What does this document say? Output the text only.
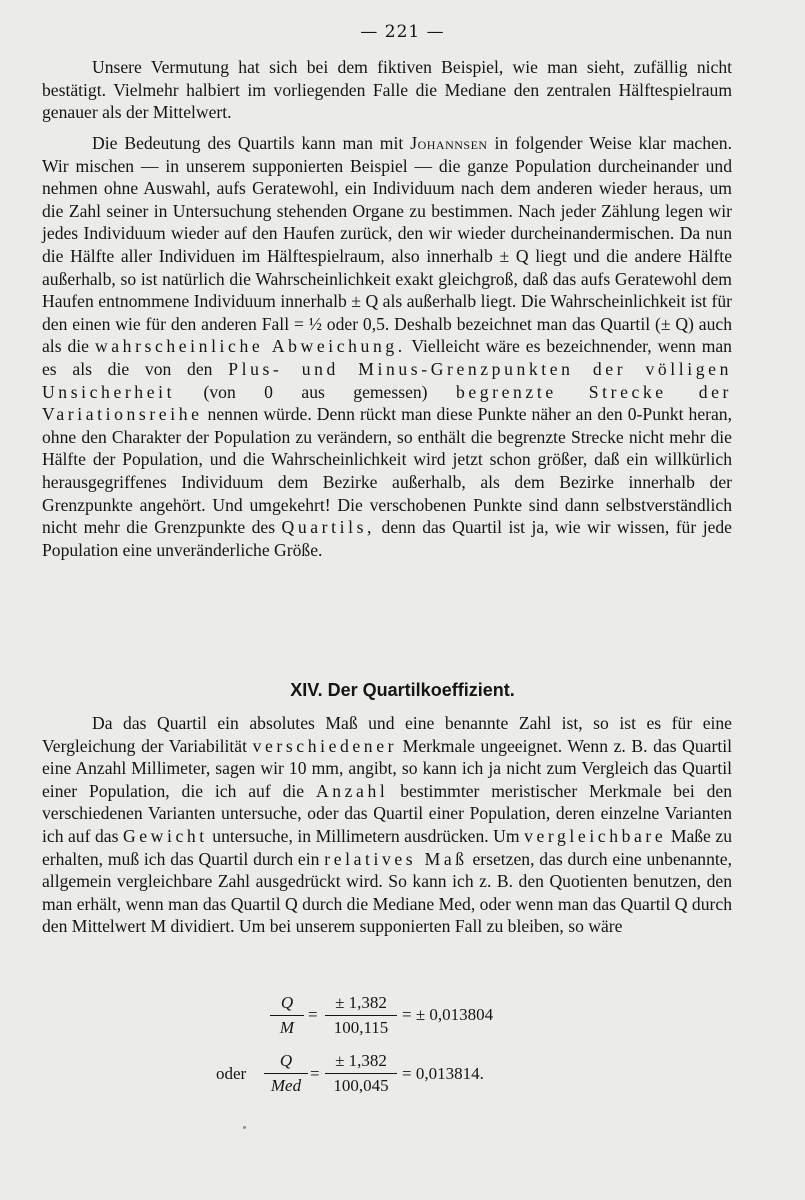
— 221 —

Unsere Vermutung hat sich bei dem fiktiven Beispiel, wie man sieht, zufällig nicht bestätigt. Vielmehr halbiert im vorliegenden Falle die Mediane den zentralen Hälftespielraum genauer als der Mittelwert.

Die Bedeutung des Quartils kann man mit Johannsen in folgender Weise klar machen. Wir mischen — in unserem supponierten Beispiel — die ganze Population durcheinander und nehmen ohne Auswahl, aufs Geratewohl, ein Individuum nach dem anderen wieder heraus, um die Zahl seiner in Untersuchung stehenden Organe zu bestimmen. Nach jeder Zählung legen wir jedes Individuum wieder auf den Haufen zurück, den wir wieder durcheinandermischen. Da nun die Hälfte aller Individuen im Hälftespielraum, also innerhalb ± Q liegt und die andere Hälfte außerhalb, so ist natürlich die Wahrscheinlichkeit exakt gleichgroß, daß das aufs Geratewohl dem Haufen entnommene Individuum innerhalb ± Q als außerhalb liegt. Die Wahrscheinlichkeit ist für den einen wie für den anderen Fall = ½ oder 0,5. Deshalb bezeichnet man das Quartil (± Q) auch als die wahrscheinliche Abweichung. Vielleicht wäre es bezeichnender, wenn man es als die von den Plus- und Minus-Grenzpunkten der völligen Unsicherheit (von 0 aus gemessen) begrenzte Strecke der Variationsreihe nennen würde. Denn rückt man diese Punkte näher an den 0-Punkt heran, ohne den Charakter der Population zu verändern, so enthält die begrenzte Strecke nicht mehr die Hälfte der Population, und die Wahrscheinlichkeit wird jetzt schon größer, daß ein willkürlich herausgegriffenes Individuum dem Bezirke außerhalb, als dem Bezirke innerhalb der Grenzpunkte angehört. Und umgekehrt! Die verschobenen Punkte sind dann selbstverständlich nicht mehr die Grenzpunkte des Quartils, denn das Quartil ist ja, wie wir wissen, für jede Population eine unveränderliche Größe.

XIV. Der Quartilkoeffizient.

Da das Quartil ein absolutes Maß und eine benannte Zahl ist, so ist es für eine Vergleichung der Variabilität verschiedener Merkmale ungeeignet. Wenn z. B. das Quartil eine Anzahl Millimeter, sagen wir 10 mm, angibt, so kann ich ja nicht zum Vergleich das Quartil einer Population, die ich auf die Anzahl bestimmter meristischer Merkmale bei den verschiedenen Varianten untersuche, oder das Quartil einer Population, deren einzelne Varianten ich auf das Gewicht untersuche, in Millimetern ausdrücken. Um vergleichbare Maße zu erhalten, muß ich das Quartil durch ein relatives Maß ersetzen, das durch eine unbenannte, allgemein vergleichbare Zahl ausgedrückt wird. So kann ich z. B. den Quotienten benutzen, den man erhält, wenn man das Quartil Q durch die Mediane Med, oder wenn man das Quartil Q durch den Mittelwert M dividiert. Um bei unserem supponierten Fall zu bleiben, so wäre

Q
M
=
± 1,382
100,115
= ± 0,013804
oder
Q
Med
=
± 1,382
100,045
= 0,013814.
